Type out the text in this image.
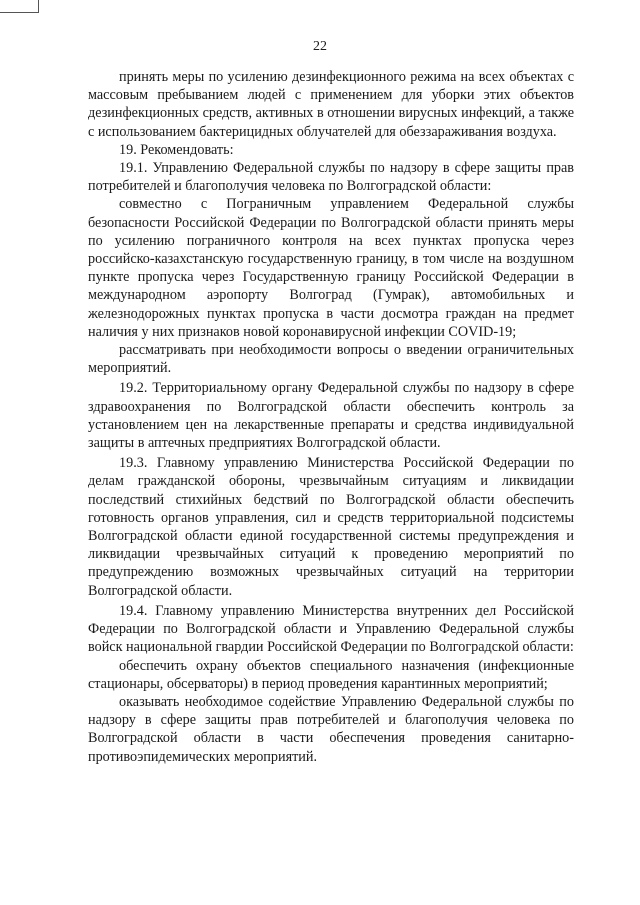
22

принять меры по усилению дезинфекционного режима на всех объектах с массовым пребыванием людей с применением для уборки этих объектов дезинфекционных средств, активных в отношении вирусных инфекций, а также с использованием бактерицидных облучателей для обеззараживания воздуха.

19. Рекомендовать:

19.1. Управлению Федеральной службы по надзору в сфере защиты прав потребителей и благополучия человека по Волгоградской области:

совместно с Пограничным управлением Федеральной службы безопасности Российской Федерации по Волгоградской области принять меры по усилению пограничного контроля на всех пунктах пропуска через российско-казахстанскую государственную границу, в том числе на воздушном пункте пропуска через Государственную границу Российской Федерации в международном аэропорту Волгоград (Гумрак), автомобильных и железнодорожных пунктах пропуска в части досмотра граждан на предмет наличия у них признаков новой коронавирусной инфекции COVID-19;

рассматривать при необходимости вопросы о введении ограничительных мероприятий.

19.2. Территориальному органу Федеральной службы по надзору в сфере здравоохранения по Волгоградской области обеспечить контроль за установлением цен на лекарственные препараты и средства индивидуальной защиты в аптечных предприятиях Волгоградской области.

19.3. Главному управлению Министерства Российской Федерации по делам гражданской обороны, чрезвычайным ситуациям и ликвидации последствий стихийных бедствий по Волгоградской области обеспечить готовность органов управления, сил и средств территориальной подсистемы Волгоградской области единой государственной системы предупреждения и ликвидации чрезвычайных ситуаций к проведению мероприятий по предупреждению возможных чрезвычайных ситуаций на территории Волгоградской области.

19.4. Главному управлению Министерства внутренних дел Российской Федерации по Волгоградской области и Управлению Федеральной службы войск национальной гвардии Российской Федерации по Волгоградской области:

обеспечить охрану объектов специального назначения (инфекционные стационары, обсерваторы) в период проведения карантинных мероприятий;

оказывать необходимое содействие Управлению Федеральной службы по надзору в сфере защиты прав потребителей и благополучия человека по Волгоградской области в части обеспечения проведения санитарно-противоэпидемических мероприятий.
